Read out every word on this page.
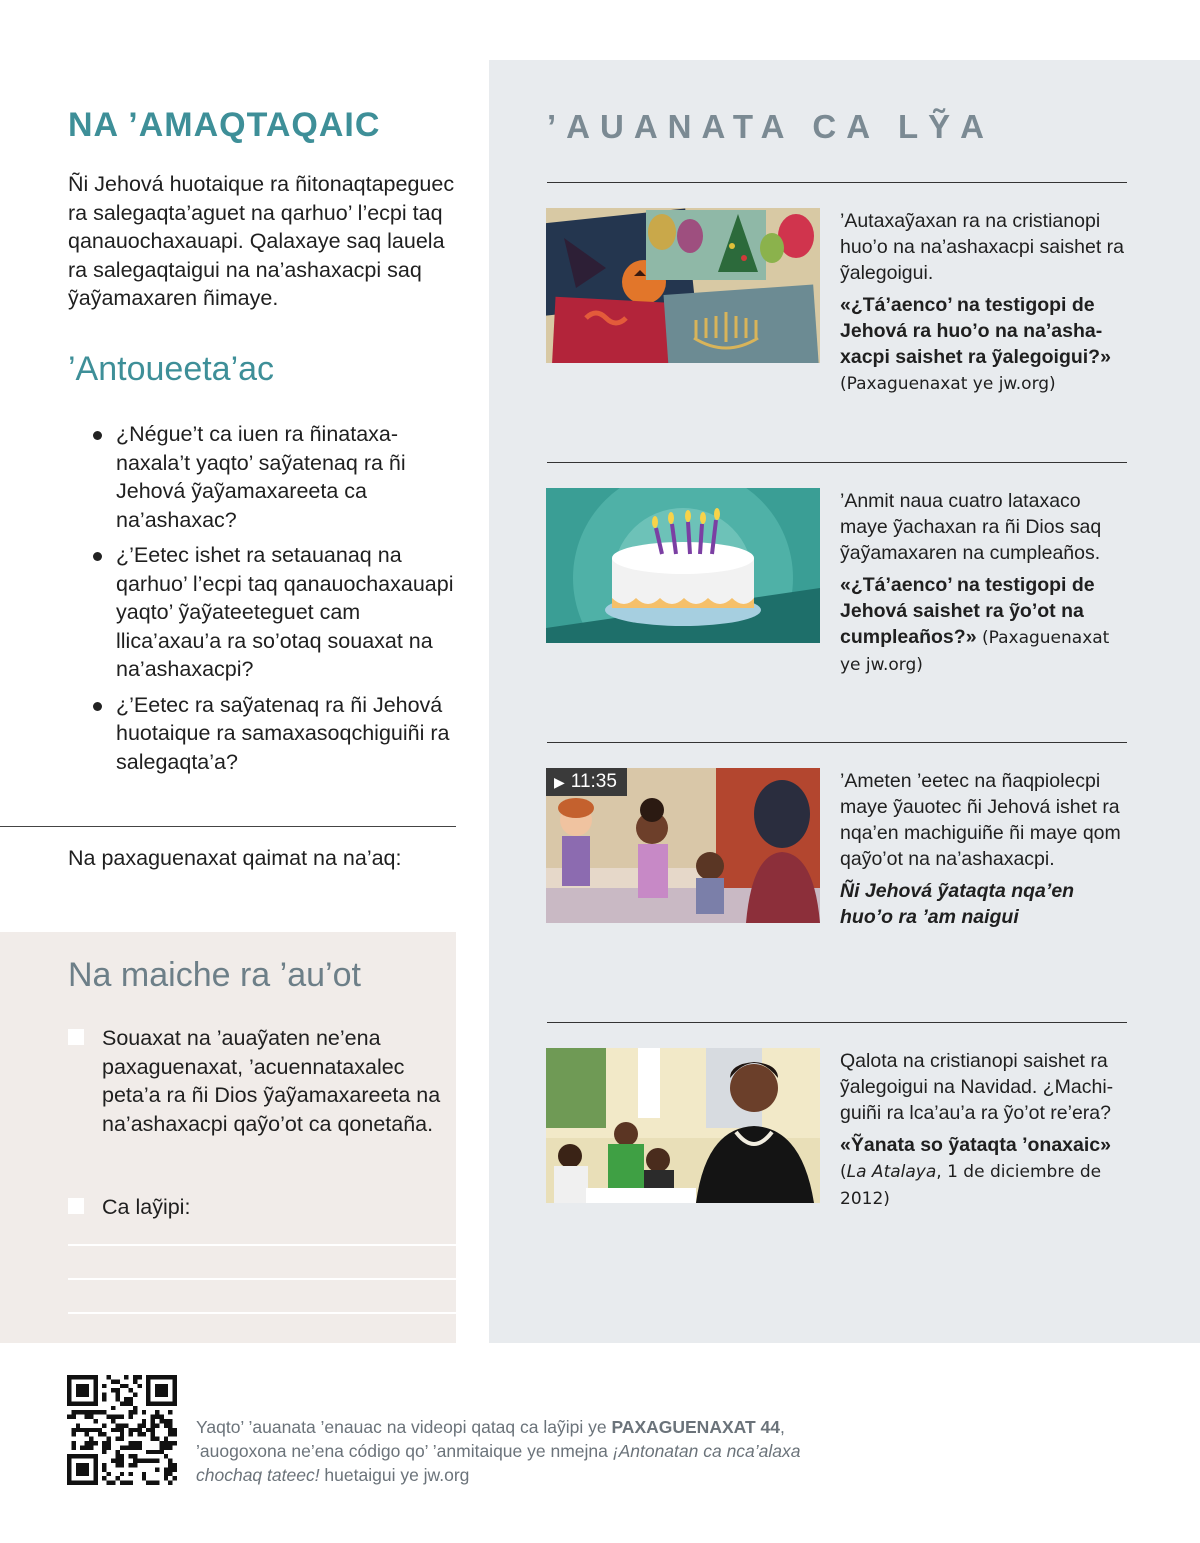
NA ’AMAQTAQAIC

Ñi Jehová huotaique ra ñitonaqtapeguec ra salegaqta’aguet na qarhuo’ l’ecpi taq qanauochaxauapi. Qalaxaye saq lauela ra salegaqtaigui na na’ashaxacpi saq ỹaỹamaxaren ñimaye.

’Antoueeta’ac
¿Négue’t ca iuen ra ñinataxanaxala’t yaqto’ saỹatenaq ra ñi Jehová ỹaỹamaxareeta ca na’ashaxac?
¿’Eetec ishet ra setauanaq na qarhuo’ l’ecpi taq qanauochaxauapi yaqto’ ỹaỹateeteguet cam llica’axau’a ra so’otaq souaxat na na’ashaxacpi?
¿’Eetec ra saỹatenaq ra ñi Jehová huotaique ra samaxasoqchiguiñi ra salegaqta’a?

Na paxaguenaxat qaimat na na’aq:

Na maiche ra ’au’ot
Souaxat na ’auaỹaten ne’ena paxaguenaxat, ’acuennataxalec peta’a ra ñi Dios ỹaỹamaxareeta na na’ashaxacpi qaỹo’ot ca qonetaña.
Ca laỹipi:
’AUANATA CA LỸA

’Autaxaỹaxan ra na cristianopi huo’o na na’ashaxacpi saishet ra ỹalegoigui.

«¿Tá’aenco’ na testigopi de Jehová ra huo’o na na’ashaxacpi saishet ra ỹalegoigui?» (Paxaguenaxat ye jw.org)

’Anmit naua cuatro lataxaco maye ỹachaxan ra ñi Dios saq ỹaỹamaxaren na cumpleaños.

«¿Tá’aenco’ na testigopi de Jehová saishet ra ỹo’ot na cumpleaños?» (Paxaguenaxat ye jw.org)

▶ 11:35	’Ameten ’eetec na ñaqpiolecpi maye ỹauotec ñi Jehová ishet ra nqa’en machiguiñe ñi maye qom qaỹo’ot na na’ashaxacpi.

Ñi Jehová ỹataqta nqa’en huo’o ra ’am naigui

Qalota na cristianopi saishet ra ỹalegoigui na Navidad. ¿Machiguiñi ra lca’au’a ra ỹo’ot re’era?

«Ỹanata so ỹataqta ’onaxaic» (La Atalaya, 1 de diciembre de 2012)

Yaqto’ ’auanata ’enauac na videopi qataq ca laỹipi ye PAXAGUENAXAT 44, ’auogoxona ne’ena código qo’ ’anmitaique ye nmejna ¡Antonatan ca nca’alaxa chochaq tateec! huetaigui ye jw.org
